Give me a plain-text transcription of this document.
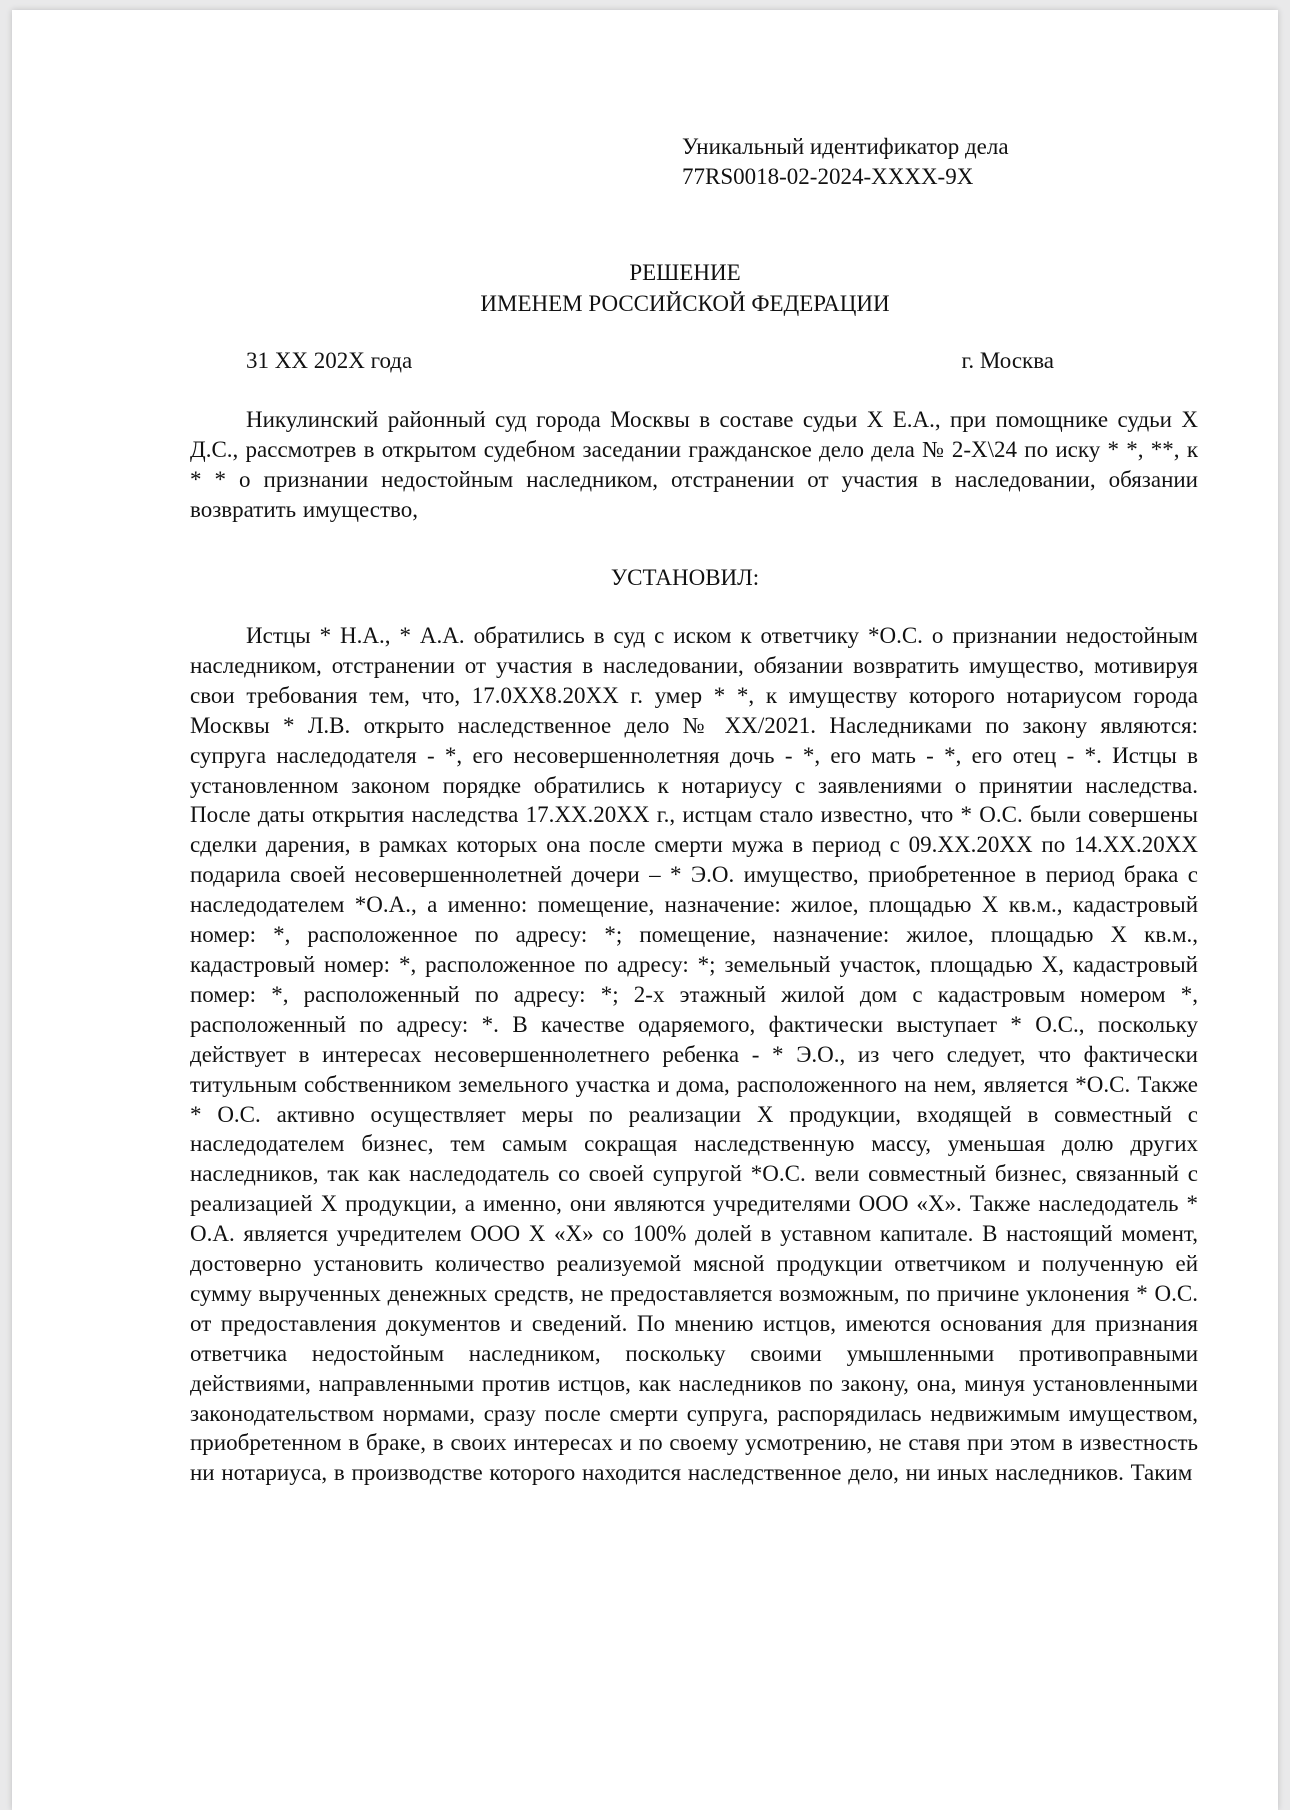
Уникальный идентификатор дела
77RS0018-02-2024-XXXX-9X
РЕШЕНИЕ
ИМЕНЕМ РОССИЙСКОЙ ФЕДЕРАЦИИ
31 XX 202X года	г. Москва

Никулинский районный суд города Москвы в составе судьи Х Е.А., при помощнике судьи Х Д.С., рассмотрев в открытом судебном заседании гражданское дело дела № 2-X\24 по иску * *, **, к * * о признании недостойным наследником, отстранении от участия в наследовании, обязании возвратить имущество,

УСТАНОВИЛ:

Истцы * Н.А., * А.А. обратились в суд с иском к ответчику *О.С. о признании недостойным наследником, отстранении от участия в наследовании, обязании возвратить имущество, мотивируя свои требования тем, что, 17.0ХХ8.20ХХ г. умер * *, к имуществу которого нотариусом города Москвы * Л.В. открыто наследственное дело № ХХ/2021. Наследниками по закону являются: супруга наследодателя - *, его несовершеннолетняя дочь - *, его мать - *, его отец - *. Истцы в установленном законом порядке обратились к нотариусу с заявлениями о принятии наследства. После даты открытия наследства 17.ХХ.20ХХ г., истцам стало известно, что * О.С. были совершены сделки дарения, в рамках которых она после смерти мужа в период с 09.ХХ.20ХХ по 14.ХХ.20ХХ подарила своей несовершеннолетней дочери – * Э.О. имущество, приобретенное в период брака с наследодателем *О.А., а именно: помещение, назначение: жилое, площадью Х кв.м., кадастровый номер: *, расположенное по адресу: *; помещение, назначение: жилое, площадью Х кв.м., кадастровый номер: *, расположенное по адресу: *; земельный участок, площадью Х, кадастровый помер: *, расположенный по адресу: *; 2-х этажный жилой дом с кадастровым номером *, расположенный по адресу: *. В качестве одаряемого, фактически выступает * О.С., поскольку действует в интересах несовершеннолетнего ребенка - * Э.О., из чего следует, что фактически титульным собственником земельного участка и дома, расположенного на нем, является *О.С. Также * О.С. активно осуществляет меры по реализации Х продукции, входящей в совместный с наследодателем бизнес, тем самым сокращая наследственную массу, уменьшая долю других наследников, так как наследодатель со своей супругой *О.С. вели совместный бизнес, связанный с реализацией Х продукции, а именно, они являются учредителями ООО «Х». Также наследодатель * О.А. является учредителем ООО Х «Х» со 100% долей в уставном капитале. В настоящий момент, достоверно установить количество реализуемой мясной продукции ответчиком и полученную ей сумму вырученных денежных средств, не предоставляется возможным, по причине уклонения * О.С. от предоставления документов и сведений. По мнению истцов, имеются основания для признания ответчика недостойным наследником, поскольку своими умышленными противоправными действиями, направленными против истцов, как наследников по закону, она, минуя установленными законодательством нормами, сразу после смерти супруга, распорядилась недвижимым имуществом, приобретенном в браке, в своих интересах и по своему усмотрению, не ставя при этом в известность ни нотариуса, в производстве которого находится наследственное дело, ни иных наследников. Таким
